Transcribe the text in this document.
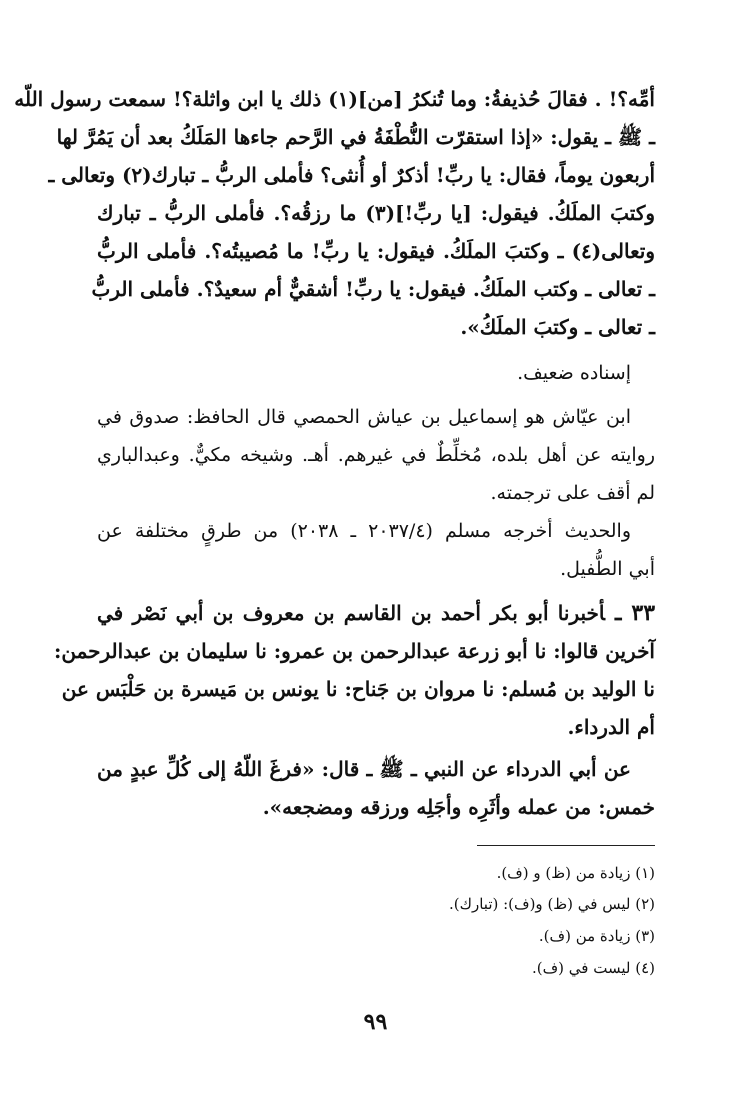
أمِّه؟! . فقالَ حُذيفةُ: وما تُنكرُ [من](١) ذلك يا ابن واثلة؟! سمعت رسول اللّه
ـ ﷺ ـ يقول: «إذا استقرّت النُّطْفَةُ في الرَّحم جاءها المَلَكُ بعد أن يَمُرَّ لها
أربعون يوماً، فقال: يا ربِّ! أذكرٌ أو أُنثى؟ فأملى الربُّ ـ تبارك(٢) وتعالى ـ
وكتبَ الملَكُ. فيقول: [يا ربِّ!](٣) ما رزقُه؟. فأملى الربُّ ـ تبارك
وتعالى(٤) ـ وكتبَ الملَكُ. فيقول: يا ربِّ! ما مُصيبتُه؟. فأملى الربُّ
ـ تعالى ـ وكتب الملَكُ. فيقول: يا ربِّ! أشقيٌّ أم سعيدٌ؟. فأملى الربُّ
ـ تعالى ـ وكتبَ الملَكُ».
إسناده ضعيف.
ابن عيّاش هو إسماعيل بن عياش الحمصي قال الحافظ: صدوق في
روايته عن أهل بلده، مُخلِّطٌ في غيرهم. أهـ. وشيخه مكيٌّ. وعبدالباري
لم أقف على ترجمته.
والحديث أخرجه مسلم (٢٠٣٧/٤ ـ ٢٠٣٨) من طرقٍ مختلفة عن
أبي الطُّفيل.
٣٣ ـأخبرنا أبو بكر أحمد بن القاسم بن معروف بن أبي نَصْر في
آخرين قالوا: نا أبو زرعة عبدالرحمن بن عمرو: نا سليمان بن عبدالرحمن:
نا الوليد بن مُسلم: نا مروان بن جَناح: نا يونس بن مَيسرة بن حَلْبَس عن
أم الدرداء.
عن أبي الدرداء عن النبي ـ ﷺ ـ قال: «فرغَ اللّهُ إلى كُلِّ عبدٍ من
خمس: من عمله وأثَرِه وأجَلِه ورزقه ومضجعه».
(١) زيادة من (ظ) و (ف).
(٢) ليس في (ظ) و(ف): (تبارك).
(٣) زيادة من (ف).
(٤) ليست في (ف).
٩٩
